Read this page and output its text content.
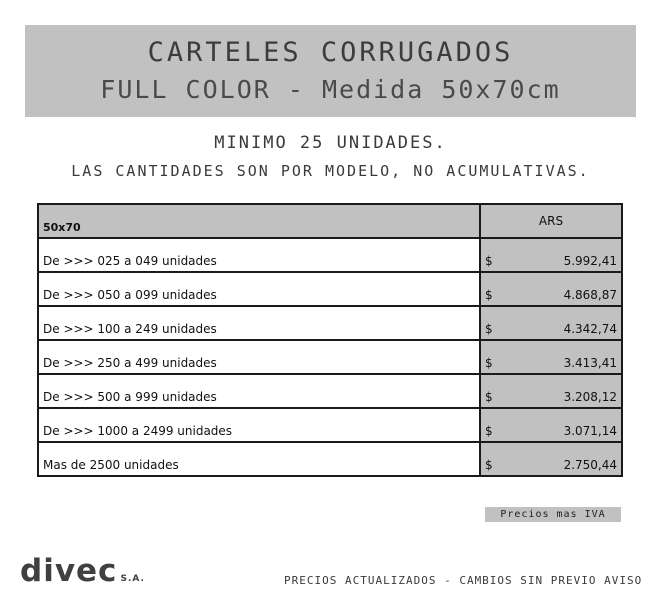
CARTELES CORRUGADOS
FULL COLOR - Medida 50x70cm
MINIMO 25 UNIDADES.
LAS CANTIDADES SON POR MODELO, NO ACUMULATIVAS.
50x70	ARS
De >>> 025 a 049 unidades	$ 5.992,41

De >>> 050 a 099 unidades	$ 4.868,87

De >>> 100 a 249 unidades	$ 4.342,74

De >>> 250 a 499 unidades	$ 3.413,41

De >>> 500 a 999 unidades	$ 3.208,12

De >>> 1000 a 2499 unidades	$ 3.071,14

Mas de 2500 unidades	$ 2.750,44
Precios mas IVA
divec S.A.	PRECIOS ACTUALIZADOS - CAMBIOS SIN PREVIO AVISO
